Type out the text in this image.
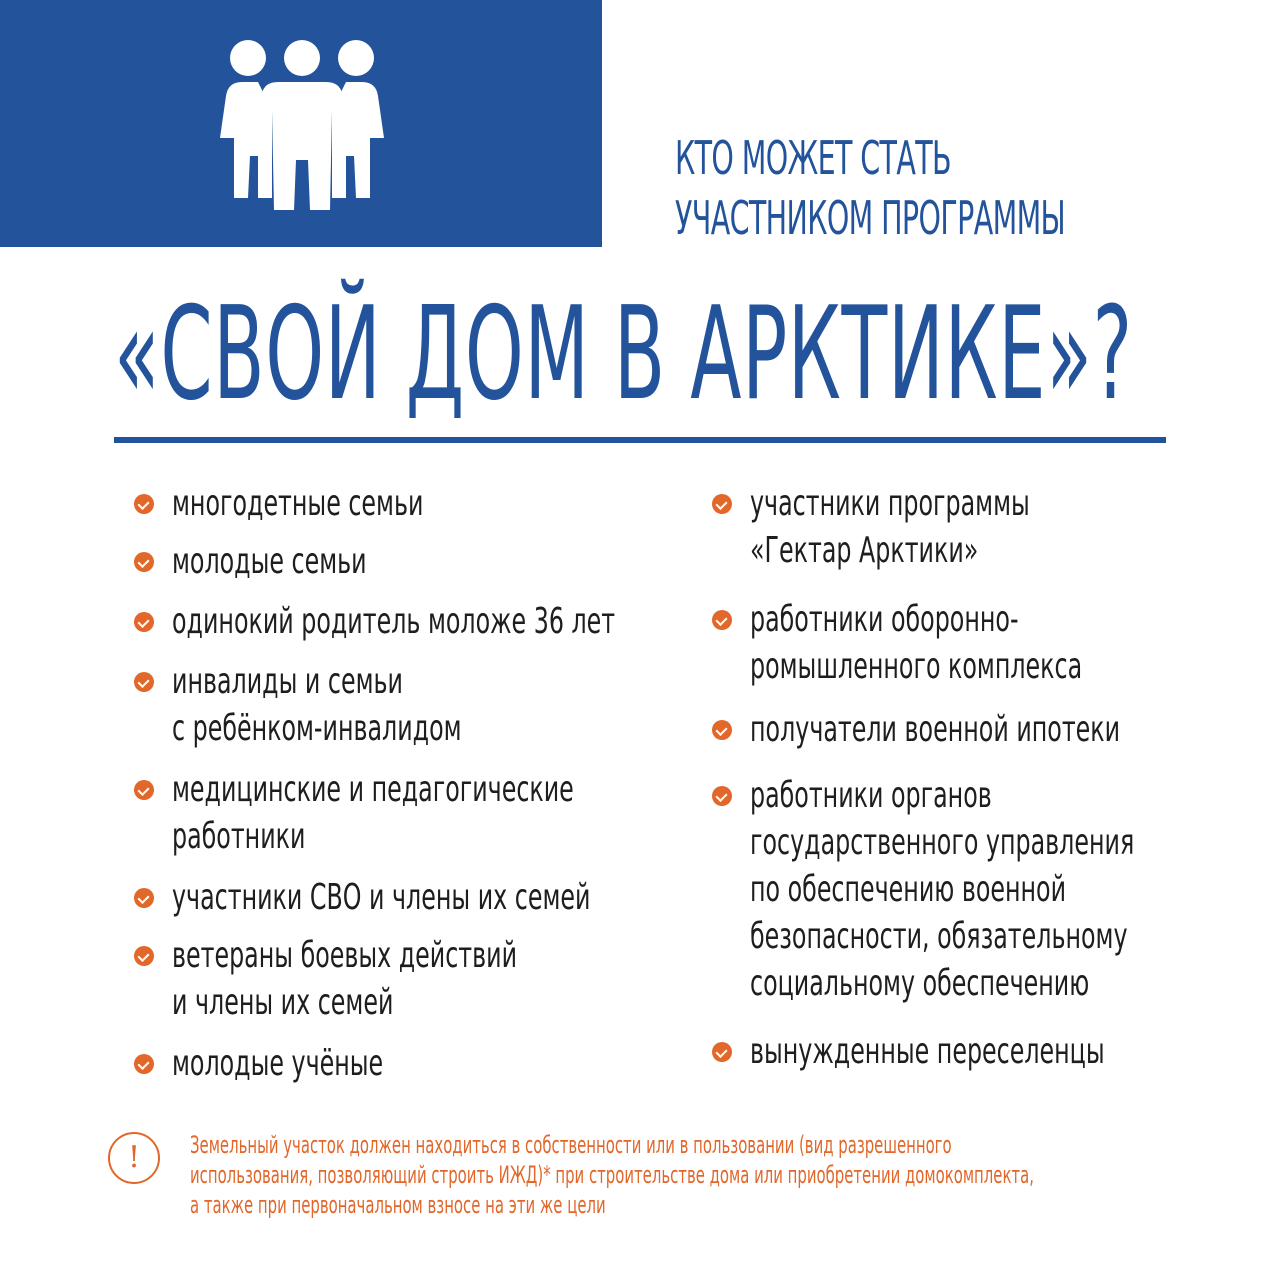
КТО МОЖЕТ СТАТЬ
УЧАСТНИКОМ ПРОГРАММЫ
«СВОЙ ДОМ В АРКТИКЕ»?
многодетные семьи
молодые семьи
одинокий родитель моложе 36 лет
инвалиды и семьи
с ребёнком-инвалидом
медицинские и педагогические
работники
участники СВО и члены их семей
ветераны боевых действий
и члены их семей
молодые учёные
участники программы
«Гектар Арктики»
работники оборонно-
ромышленного комплекса
получатели военной ипотеки
работники органов
государственного управления
по обеспечению военной
безопасности, обязательному
социальному обеспечению
вынужденные переселенцы
!	Земельный участок должен находиться в собственности или в пользовании (вид разрешенного
использования, позволяющий строить ИЖД)* при строительстве дома или приобретении домокомплекта,
а также при первоначальном взносе на эти же цели
